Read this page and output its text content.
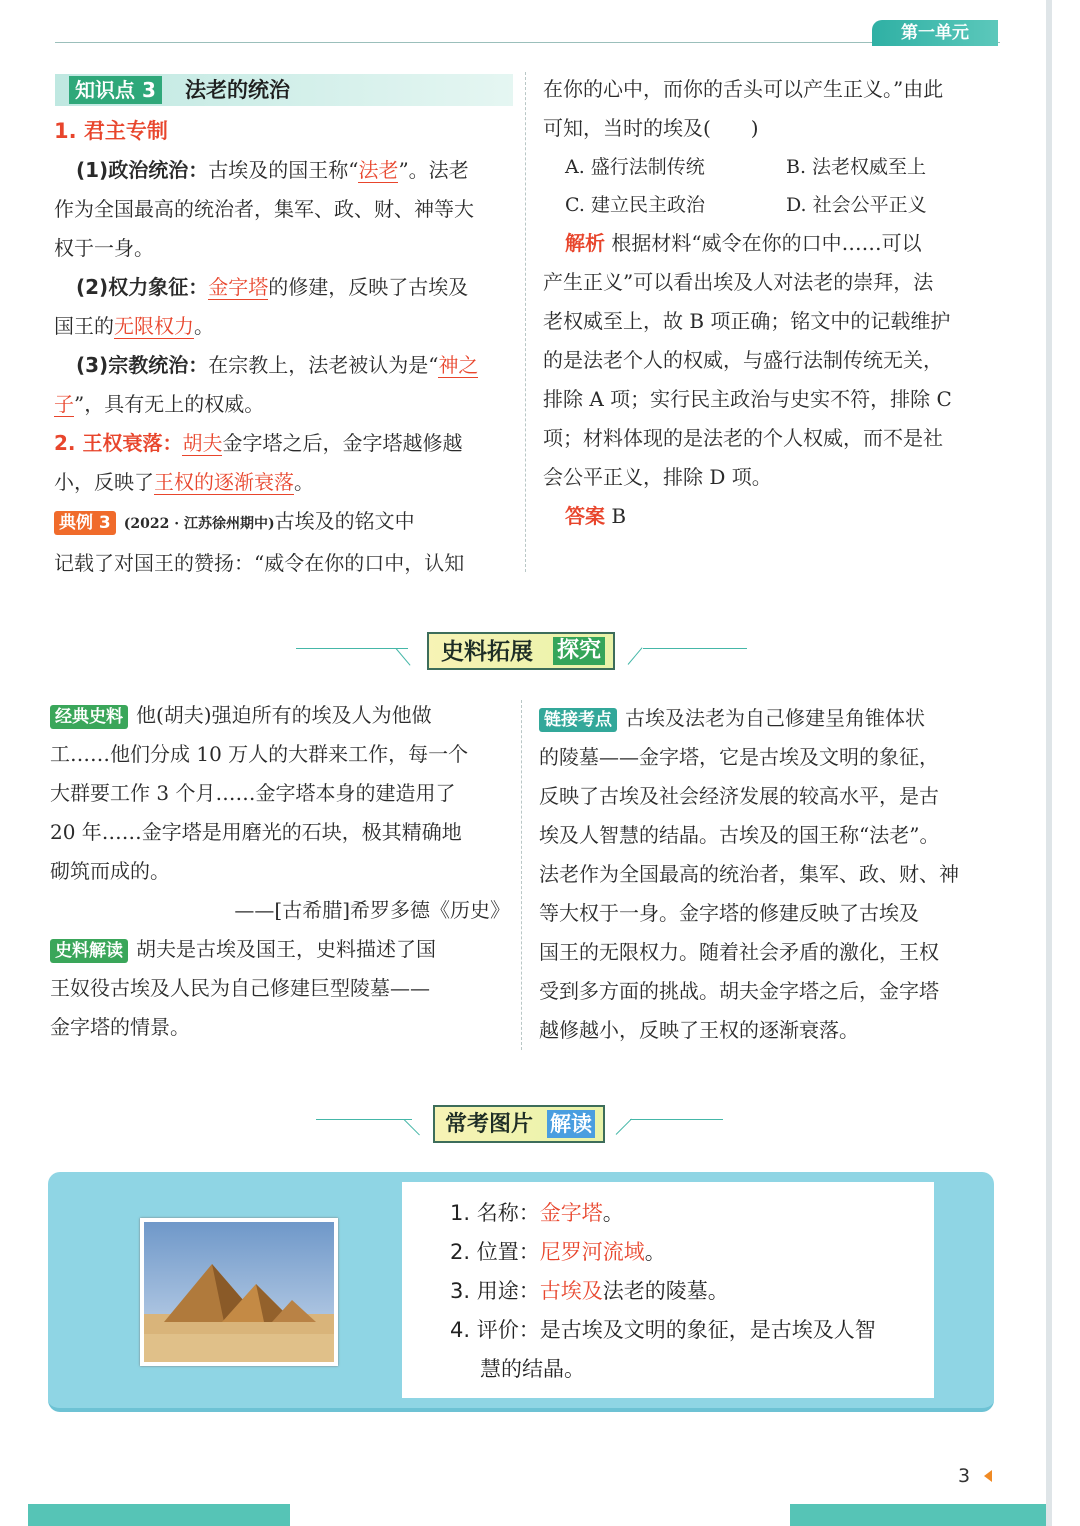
第一单元
知识点 3 法老的统治

1. 君主专制

(1)政治统治：古埃及的国王称“法老”。法老

作为全国最高的统治者，集军、政、财、神等大

权于一身。

(2)权力象征：金字塔的修建，反映了古埃及

国王的无限权力。

(3)宗教统治：在宗教上，法老被认为是“神之

子”，具有无上的权威。

2. 王权衰落：胡夫金字塔之后，金字塔越修越

小，反映了王权的逐渐衰落。

典例 3 (2022 · 江苏徐州期中)古埃及的铭文中

记载了对国王的赞扬：“威令在你的口中，认知

在你的心中，而你的舌头可以产生正义。”由此

可知，当时的埃及(　　)

A. 盛行法制传统	B. 法老权威至上
C. 建立民主政治	D. 社会公平正义

解析 根据材料“威令在你的口中……可以

产生正义”可以看出埃及人对法老的崇拜，法

老权威至上，故 B 项正确；铭文中的记载维护

的是法老个人的权威，与盛行法制传统无关，

排除 A 项；实行民主政治与史实不符，排除 C

项；材料体现的是法老的个人权威，而不是社

会公平正义，排除 D 项。

答案 B

史料拓展 探究

经典史料 他(胡夫)强迫所有的埃及人为他做

工……他们分成 10 万人的大群来工作，每一个

大群要工作 3 个月……金字塔本身的建造用了

20 年……金字塔是用磨光的石块，极其精确地

砌筑而成的。

——[古希腊]希罗多德《历史》

史料解读 胡夫是古埃及国王，史料描述了国

王奴役古埃及人民为自己修建巨型陵墓——

金字塔的情景。

链接考点 古埃及法老为自己修建呈角锥体状

的陵墓——金字塔，它是古埃及文明的象征，

反映了古埃及社会经济发展的较高水平，是古

埃及人智慧的结晶。古埃及的国王称“法老”。

法老作为全国最高的统治者，集军、政、财、神

等大权于一身。金字塔的修建反映了古埃及

国王的无限权力。随着社会矛盾的激化，王权

受到多方面的挑战。胡夫金字塔之后，金字塔

越修越小，反映了王权的逐渐衰落。

常考图片 解读
1. 名称：金字塔。
2. 位置：尼罗河流域。
3. 用途：古埃及法老的陵墓。
4. 评价：是古埃及文明的象征，是古埃及人智
慧的结晶。
3
